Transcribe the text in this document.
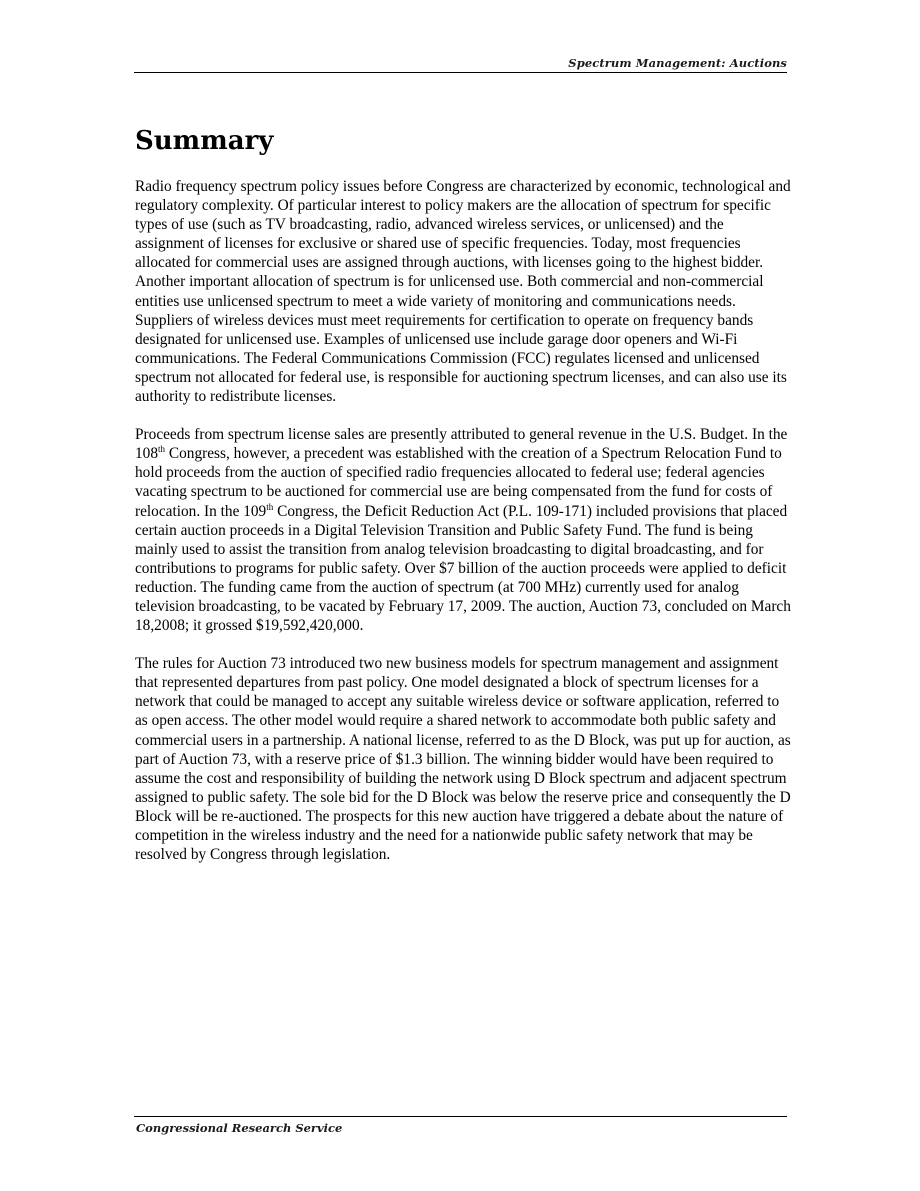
Spectrum Management: Auctions
Summary

Radio frequency spectrum policy issues before Congress are characterized by economic, technological and regulatory complexity. Of particular interest to policy makers are the allocation of spectrum for specific types of use (such as TV broadcasting, radio, advanced wireless services, or unlicensed) and the assignment of licenses for exclusive or shared use of specific frequencies. Today, most frequencies allocated for commercial uses are assigned through auctions, with licenses going to the highest bidder. Another important allocation of spectrum is for unlicensed use. Both commercial and non-commercial entities use unlicensed spectrum to meet a wide variety of monitoring and communications needs. Suppliers of wireless devices must meet requirements for certification to operate on frequency bands designated for unlicensed use. Examples of unlicensed use include garage door openers and Wi-Fi communications. The Federal Communications Commission (FCC) regulates licensed and unlicensed spectrum not allocated for federal use, is responsible for auctioning spectrum licenses, and can also use its authority to redistribute licenses.

Proceeds from spectrum license sales are presently attributed to general revenue in the U.S. Budget. In the 108th Congress, however, a precedent was established with the creation of a Spectrum Relocation Fund to hold proceeds from the auction of specified radio frequencies allocated to federal use; federal agencies vacating spectrum to be auctioned for commercial use are being compensated from the fund for costs of relocation. In the 109th Congress, the Deficit Reduction Act (P.L. 109-171) included provisions that placed certain auction proceeds in a Digital Television Transition and Public Safety Fund. The fund is being mainly used to assist the transition from analog television broadcasting to digital broadcasting, and for contributions to programs for public safety. Over $7 billion of the auction proceeds were applied to deficit reduction. The funding came from the auction of spectrum (at 700 MHz) currently used for analog television broadcasting, to be vacated by February 17, 2009. The auction, Auction 73, concluded on March 18,2008; it grossed $19,592,420,000.

The rules for Auction 73 introduced two new business models for spectrum management and assignment that represented departures from past policy. One model designated a block of spectrum licenses for a network that could be managed to accept any suitable wireless device or software application, referred to as open access. The other model would require a shared network to accommodate both public safety and commercial users in a partnership. A national license, referred to as the D Block, was put up for auction, as part of Auction 73, with a reserve price of $1.3 billion. The winning bidder would have been required to assume the cost and responsibility of building the network using D Block spectrum and adjacent spectrum assigned to public safety. The sole bid for the D Block was below the reserve price and consequently the D Block will be re-auctioned. The prospects for this new auction have triggered a debate about the nature of competition in the wireless industry and the need for a nationwide public safety network that may be resolved by Congress through legislation.

Congressional Research Service
